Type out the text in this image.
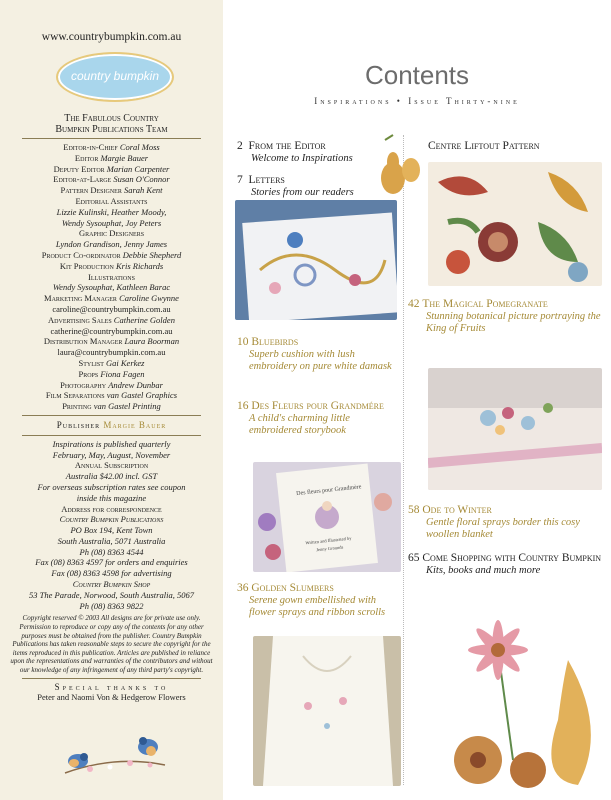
www.countrybumpkin.com.au
country bumpkin
The Fabulous Country
Bumpkin Publications Team
Editor-in-Chief Coral Moss
Editor Margie Bauer
Deputy Editor Marian Carpenter
Editor-at-Large Susan O'Connor
Pattern Designer Sarah Kent
Editorial Assistants
Lizzie Kulinski, Heather Moody,
Wendy Sysouphat, Joy Peters
Graphic Designers
Lyndon Grandison, Jenny James
Product Co-ordinator Debbie Shepherd
Kit Production Kris Richards
Illustrations
Wendy Sysouphat, Kathleen Barac
Marketing Manager Caroline Gwynne
caroline@countrybumpkin.com.au
Advertising Sales Catherine Golden
catherine@countrybumpkin.com.au
Distribution Manager Laura Boorman
laura@countrybumpkin.com.au
Stylist Gai Kerkez
Props Fiona Fagen
Photography Andrew Dunbar
Film Separations van Gastel Graphics
Printing van Gastel Printing
Publisher Margie Bauer
Inspirations is published quarterly
February, May, August, November
Annual Subscription
Australia $42.00 incl. GST
For overseas subscription rates see coupon
inside this magazine
Address for correspondence
Country Bumpkin Publications
PO Box 194, Kent Town
South Australia, 5071 Australia
Ph (08) 8363 4544
Fax (08) 8363 4597 for orders and enquiries
Fax (08) 8363 4598 for advertising
Country Bumpkin Shop
53 The Parade, Norwood, South Australia, 5067
Ph (08) 8363 9822
Copyright reserved © 2003 All designs are for private use only. Permission to reproduce or copy any of the contents for any other purposes must be obtained from the publisher. Country Bumpkin Publications has taken reasonable steps to secure the copyright for the items reproduced in this publication. Articles are published in reliance upon the representations and warranties of the contributors and without our knowledge of any infringement of any third party's copyright.
Special thanks to
Peter and Naomi Von & Hedgerow Flowers
Contents
Inspirations • Issue Thirty-nine
2 From the Editor
Welcome to Inspirations
7 Letters
Stories from our readers
10 Bluebirds
Superb cushion with lush embroidery on pure white damask
16 Des Fleurs pour Grandmére
A child's charming little embroidered storybook
Des fleurs pour Grandmère
Written and Illustrated by
Jenny Grounds
36 Golden Slumbers
Serene gown embellished with flower sprays and ribbon scrolls
Centre Liftout Pattern
42 The Magical Pomegranate
Stunning botanical picture portraying the King of Fruits
58 Ode to Winter
Gentle floral sprays border this cosy woollen blanket
65 Come Shopping with Country Bumpkin
Kits, books and much more
